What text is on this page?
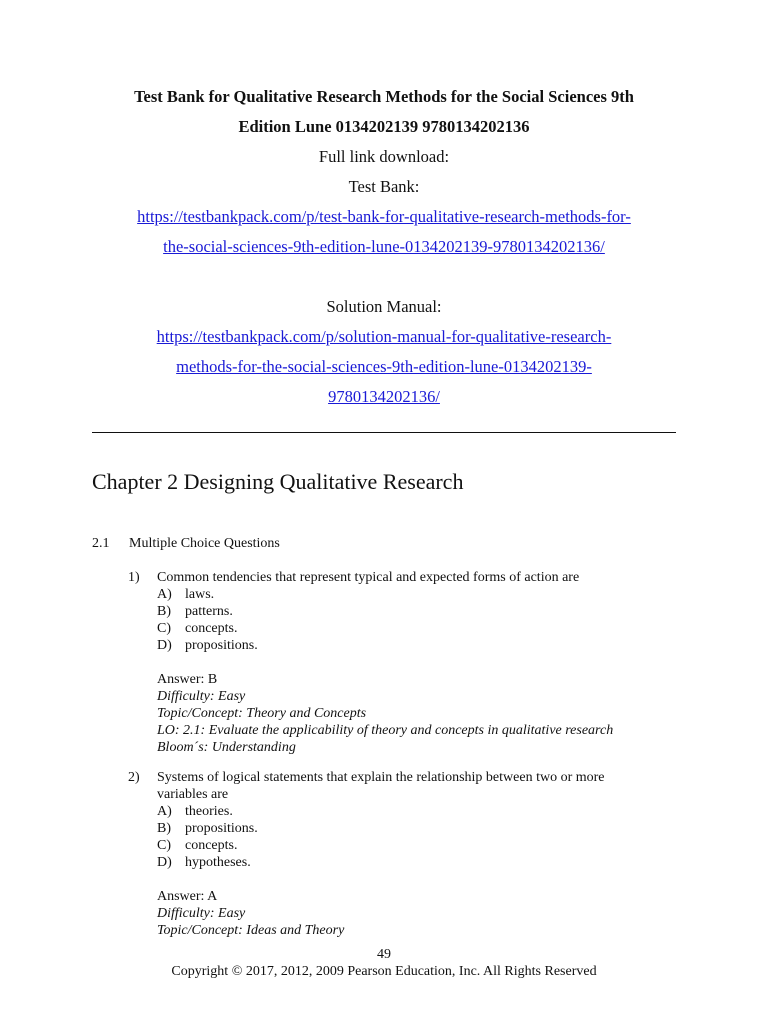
Test Bank for Qualitative Research Methods for the Social Sciences 9th
Edition Lune 0134202139 9780134202136
Full link download:
Test Bank:
https://testbankpack.com/p/test-bank-for-qualitative-research-methods-for-
the-social-sciences-9th-edition-lune-0134202139-9780134202136/
Solution Manual:
https://testbankpack.com/p/solution-manual-for-qualitative-research-
methods-for-the-social-sciences-9th-edition-lune-0134202139-
9780134202136/
Chapter 2 Designing Qualitative Research
2.1 Multiple Choice Questions
1) Common tendencies that represent typical and expected forms of action are
A) laws.
B) patterns.
C) concepts.
D) propositions.
Answer: B
Difficulty: Easy
Topic/Concept: Theory and Concepts
LO: 2.1: Evaluate the applicability of theory and concepts in qualitative research
Bloom´s: Understanding
2) Systems of logical statements that explain the relationship between two or more
variables are
A) theories.
B) propositions.
C) concepts.
D) hypotheses.
Answer: A
Difficulty: Easy
Topic/Concept: Ideas and Theory
49
Copyright © 2017, 2012, 2009 Pearson Education, Inc. All Rights Reserved
